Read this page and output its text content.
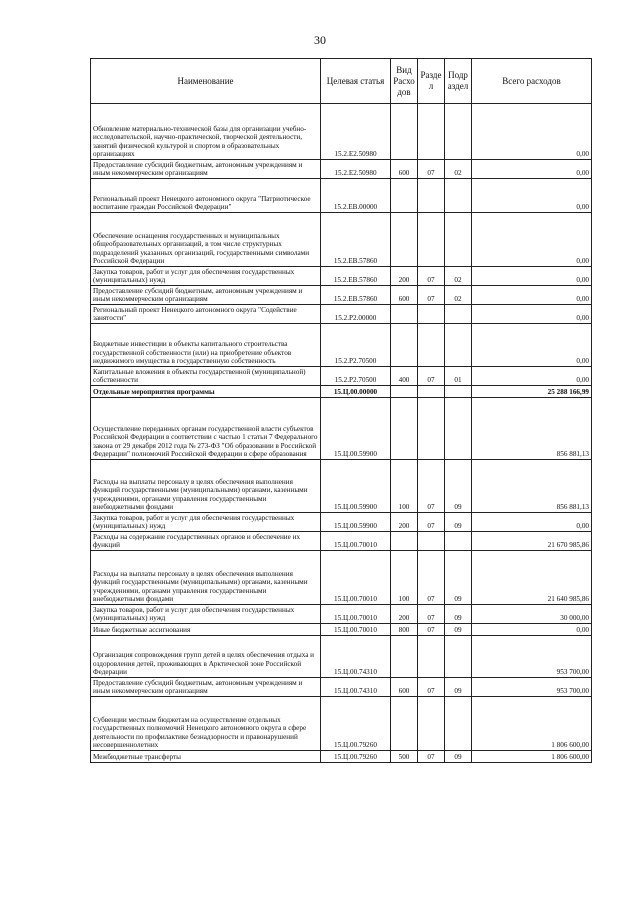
30
Наименование	Целевая статья	Вид Расхо дов	Разде л	Подр аздел	Всего расходов
Обновление материально-технической базы для организации учебно-исследовательской, научно-практической, творческой деятельности, занятий физической культурой и спортом в образовательных организациях	15.2.Е2.50980				0,00
Предоставление субсидий бюджетным, автономным учреждениям и иным некоммерческим организациям	15.2.Е2.50980	600	07	02	0,00
Региональный проект Ненецкого автономного округа "Патриотическое воспитание граждан Российской Федерации"	15.2.ЕВ.00000				0,00
Обеспечение оснащения государственных и муниципальных общеобразовательных организаций, в том числе структурных подразделений указанных организаций, государственными символами Российской Федерации	15.2.ЕВ.57860				0,00
Закупка товаров, работ и услуг для обеспечения государственных (муниципальных) нужд	15.2.ЕВ.57860	200	07	02	0,00
Предоставление субсидий бюджетным, автономным учреждениям и иным некоммерческим организациям	15.2.ЕВ.57860	600	07	02	0,00
Региональный проект Ненецкого автономного округа "Содействие занятости"	15.2.Р2.00000				0,00
Бюджетные инвестиции в объекты капитального строительства государственной собственности (или) на приобретение объектов недвижимого имущества в государственную собственность	15.2.Р2.70500				0,00
Капитальные вложения в объекты государственной (муниципальной) собственности	15.2.Р2.70500	400	07	01	0,00
Отдельные мероприятия программы	15.Ц.00.00000				25 288 166,99
Осуществление переданных органам государственной власти субъектов Российской Федерации в соответствии с частью 1 статьи 7 Федерального закона от 29 декабря 2012 года № 273-ФЗ "Об образовании в Российской Федерации" полномочий Российской Федерации в сфере образования	15.Ц.00.59900				856 881,13
Расходы на выплаты персоналу в целях обеспечения выполнения функций государственными (муниципальными) органами, казенными учреждениями, органами управления государственными внебюджетными фондами	15.Ц.00.59900	100	07	09	856 881,13
Закупка товаров, работ и услуг для обеспечения государственных (муниципальных) нужд	15.Ц.00.59900	200	07	09	0,00
Расходы на содержание государственных органов и обеспечение их функций	15.Ц.00.70010				21 670 985,86
Расходы на выплаты персоналу в целях обеспечения выполнения функций государственными (муниципальными) органами, казенными учреждениями, органами управления государственными внебюджетными фондами	15.Ц.00.70010	100	07	09	21 640 985,86
Закупка товаров, работ и услуг для обеспечения государственных (муниципальных) нужд	15.Ц.00.70010	200	07	09	30 000,00
Иные бюджетные ассигнования	15.Ц.00.70010	800	07	09	0,00
Организация сопровождения групп детей в целях обеспечения отдыха и оздоровления детей, проживающих в Арктической зоне Российской Федерации	15.Ц.00.74310				953 700,00
Предоставление субсидий бюджетным, автономным учреждениям и иным некоммерческим организациям	15.Ц.00.74310	600	07	09	953 700,00
Субвенции местным бюджетам на осуществление отдельных государственных полномочий Ненецкого автономного округа в сфере деятельности по профилактике безнадзорности и правонарушений несовершеннолетних	15.Ц.00.79260				1 806 600,00
Межбюджетные трансферты	15.Ц.00.79260	500	07	09	1 806 600,00
